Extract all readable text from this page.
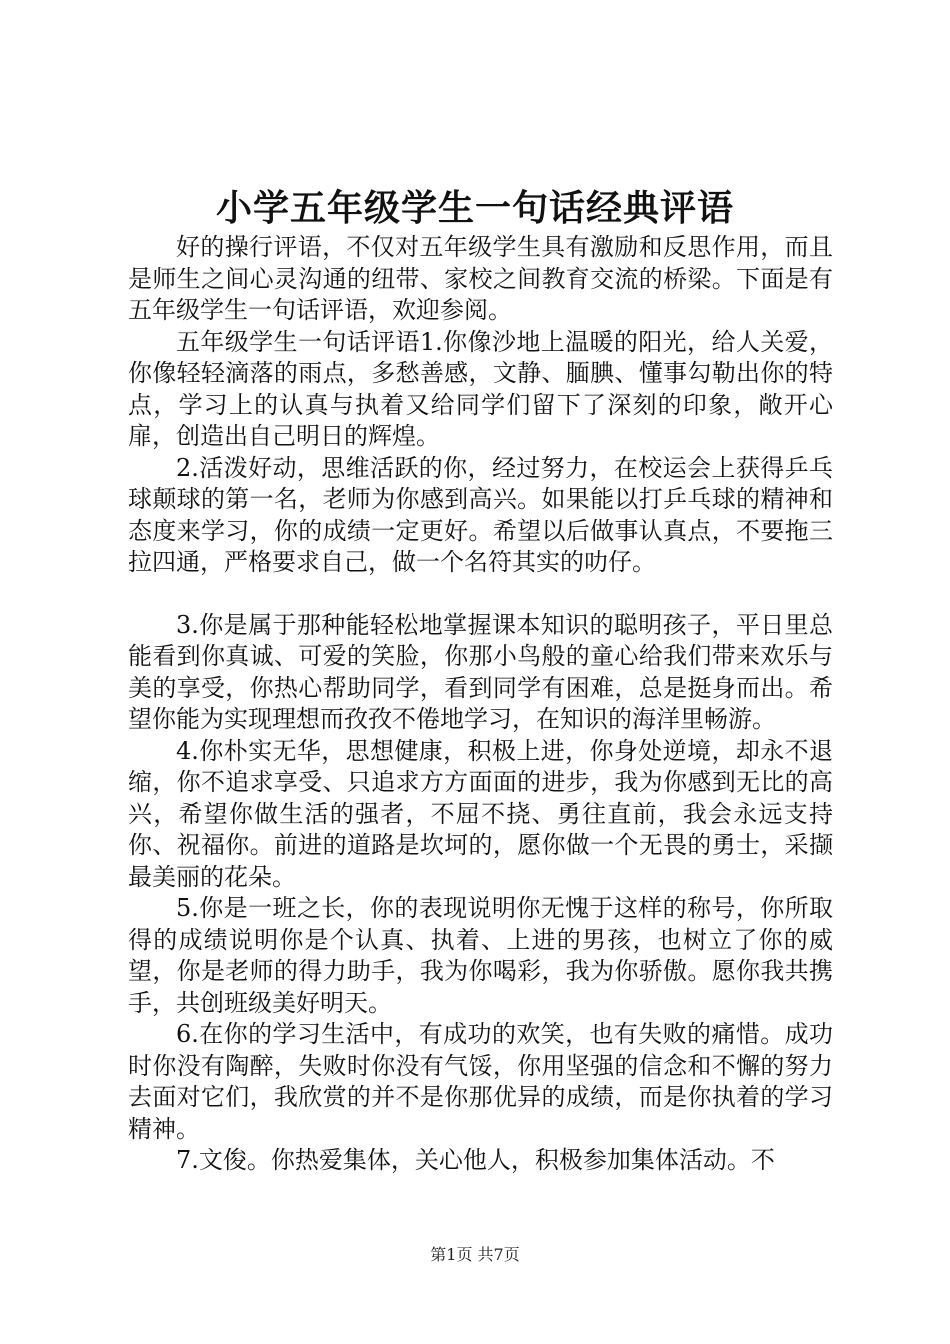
小学五年级学生一句话经典评语

好的操行评语，不仅对五年级学生具有激励和反思作用，而且是师生之间心灵沟通的纽带、家校之间教育交流的桥梁。下面是有五年级学生一句话评语，欢迎参阅。

五年级学生一句话评语1.你像沙地上温暖的阳光，给人关爱，你像轻轻滴落的雨点，多愁善感，文静、腼腆、懂事勾勒出你的特点，学习上的认真与执着又给同学们留下了深刻的印象，敞开心扉，创造出自己明日的辉煌。

2.活泼好动，思维活跃的你，经过努力，在校运会上获得乒乓球颠球的第一名，老师为你感到高兴。如果能以打乒乓球的精神和态度来学习，你的成绩一定更好。希望以后做事认真点，不要拖三拉四通，严格要求自己，做一个名符其实的叻仔。

3.你是属于那种能轻松地掌握课本知识的聪明孩子，平日里总能看到你真诚、可爱的笑脸，你那小鸟般的童心给我们带来欢乐与美的享受，你热心帮助同学，看到同学有困难，总是挺身而出。希望你能为实现理想而孜孜不倦地学习，在知识的海洋里畅游。

4.你朴实无华，思想健康，积极上进，你身处逆境，却永不退缩，你不追求享受、只追求方方面面的进步，我为你感到无比的高兴，希望你做生活的强者，不屈不挠、勇往直前，我会永远支持你、祝福你。前进的道路是坎坷的，愿你做一个无畏的勇士，采撷最美丽的花朵。

5.你是一班之长，你的表现说明你无愧于这样的称号，你所取得的成绩说明你是个认真、执着、上进的男孩，也树立了你的威望，你是老师的得力助手，我为你喝彩，我为你骄傲。愿你我共携手，共创班级美好明天。

6.在你的学习生活中，有成功的欢笑，也有失败的痛惜。成功时你没有陶醉，失败时你没有气馁，你用坚强的信念和不懈的努力去面对它们，我欣赏的并不是你那优异的成绩，而是你执着的学习精神。

7.文俊。你热爱集体，关心他人，积极参加集体活动。不

第1页 共7页
